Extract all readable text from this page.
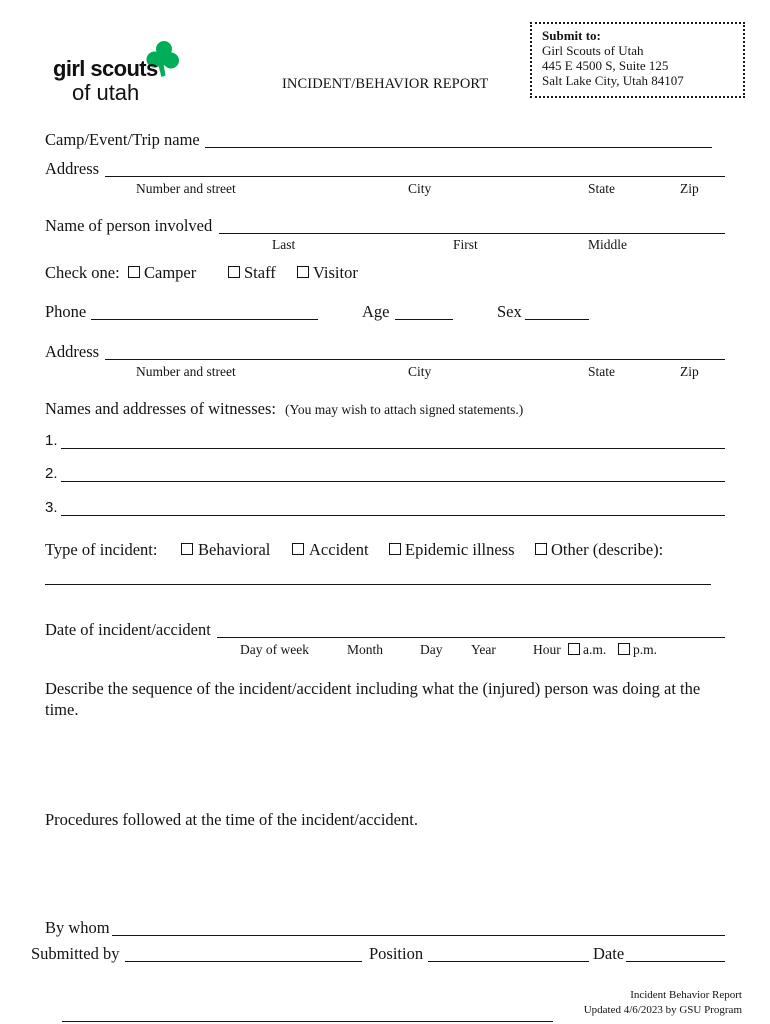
girl scouts
of utah	INCIDENT/BEHAVIOR REPORT
Submit to:
Girl Scouts of Utah
445 E 4500 S, Suite 125
Salt Lake City, Utah 84107
Camp/Event/Trip name
Address
Number and street	City	State	Zip
Name of person involved
Last	First	Middle
Check one: Camper	Staff Visitor
Phone	Age	Sex
Address
Number and street	City	State	Zip
Names and addresses of witnesses: (You may wish to attach signed statements.)
1.
2.
3.
Type of incident: Behavioral Accident Epidemic illness Other (describe):
Date of incident/accident
Day of week	Month	Day Year	Hour a.m. p.m.
Describe the sequence of the incident/accident including what the (injured) person was doing at the time.
Procedures followed at the time of the incident/accident.
By whom
Submitted by	Position	Date
Incident Behavior Report
Updated 4/6/2023 by GSU Program
